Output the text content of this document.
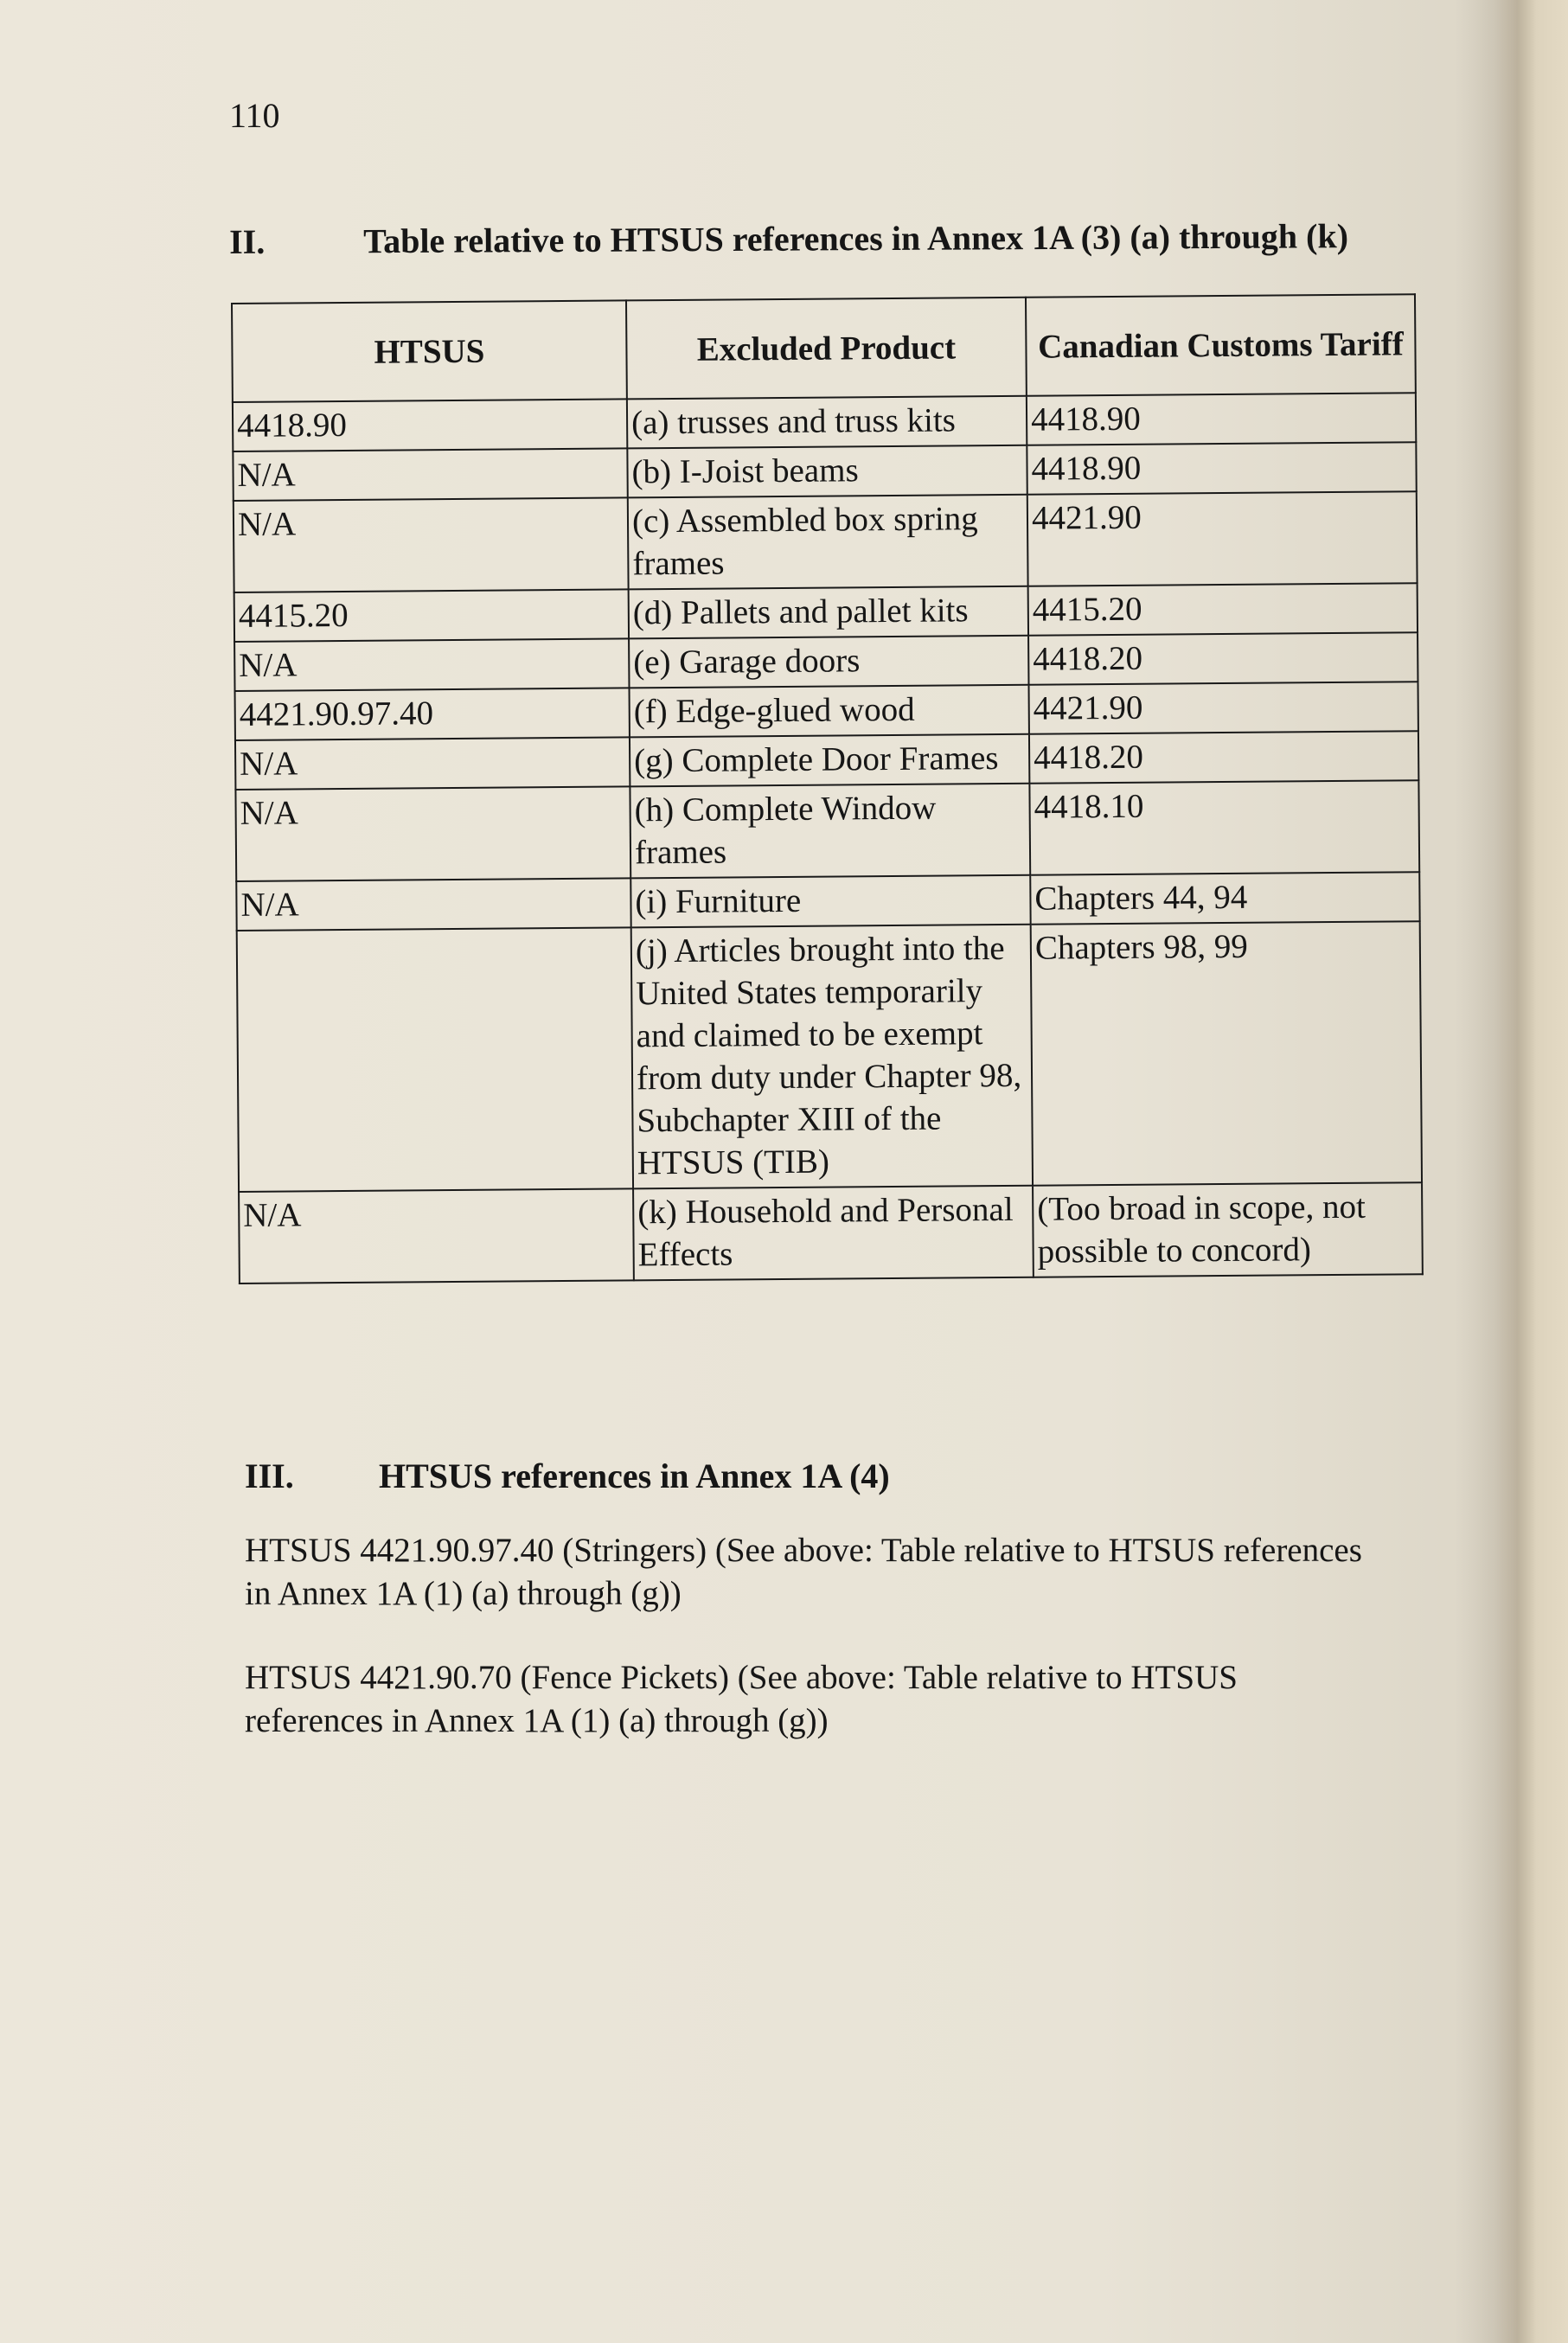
110
II.	Table relative to HTSUS references in Annex 1A (3) (a) through (k)
HTSUS	Excluded Product	Canadian Customs Tariff
4418.90	(a) trusses and truss kits	4418.90
N/A	(b) I-Joist beams	4418.90
N/A	(c) Assembled box spring frames	4421.90
4415.20	(d) Pallets and pallet kits	4415.20
N/A	(e) Garage doors	4418.20
4421.90.97.40	(f) Edge-glued wood	4421.90
N/A	(g) Complete Door Frames	4418.20
N/A	(h) Complete Window frames	4418.10
N/A	(i) Furniture	Chapters 44, 94
	(j) Articles brought into the United States temporarily and claimed to be exempt from duty under Chapter 98, Subchapter XIII of the HTSUS (TIB)	Chapters 98, 99
N/A	(k) Household and Personal Effects	(Too broad in scope, not possible to concord)
III. HTSUS references in Annex 1A (4)
HTSUS 4421.90.97.40 (Stringers) (See above: Table relative to HTSUS references in Annex 1A (1) (a) through (g))
HTSUS 4421.90.70 (Fence Pickets) (See above: Table relative to HTSUS references in Annex 1A (1) (a) through (g))
